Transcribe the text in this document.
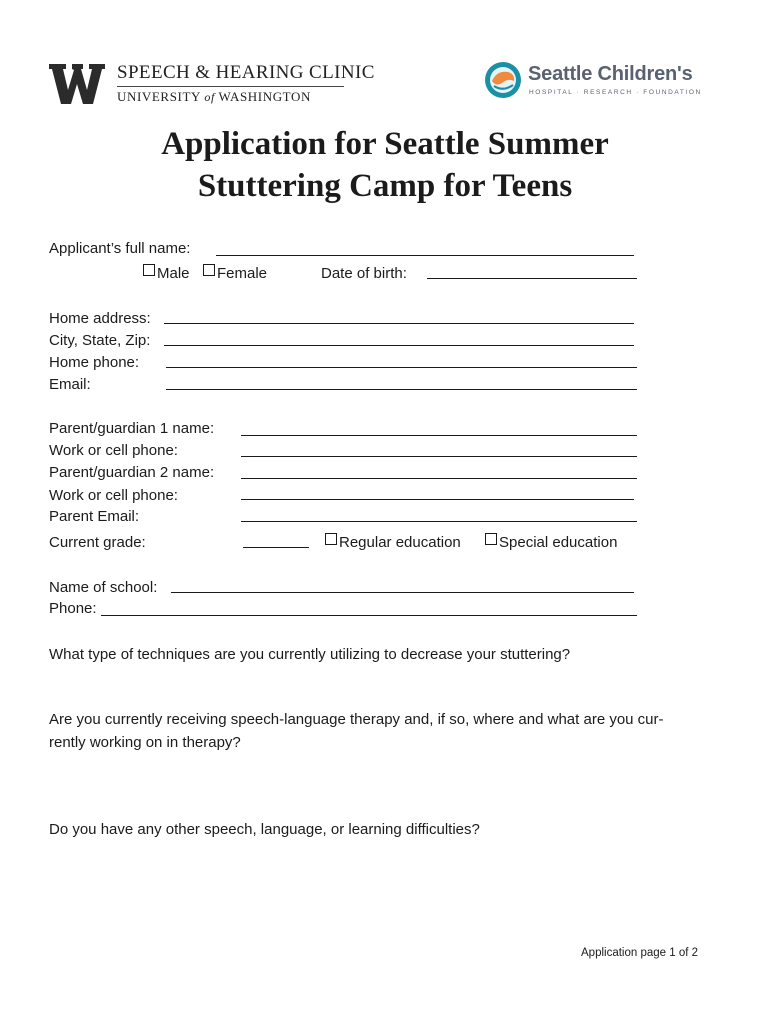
SPEECH & HEARING CLINIC
UNIVERSITY of WASHINGTON
Seattle Children's
HOSPITAL · RESEARCH · FOUNDATION
Application for Seattle Summer
Stuttering Camp for Teens
Applicant’s full name:
Male Female	Date of birth:
Home address:
City, State, Zip:
Home phone:
Email:
Parent/guardian 1 name:
Work or cell phone:
Parent/guardian 2 name:
Work or cell phone:
Parent Email:
Current grade:	Regular education	Special education
Name of school:
Phone:
What type of techniques are you currently utilizing to decrease your stuttering?
Are you currently receiving speech-language therapy and, if so, where and what are you cur-
rently working on in therapy?
Do you have any other speech, language, or learning difficulties?
Application page 1 of 2
